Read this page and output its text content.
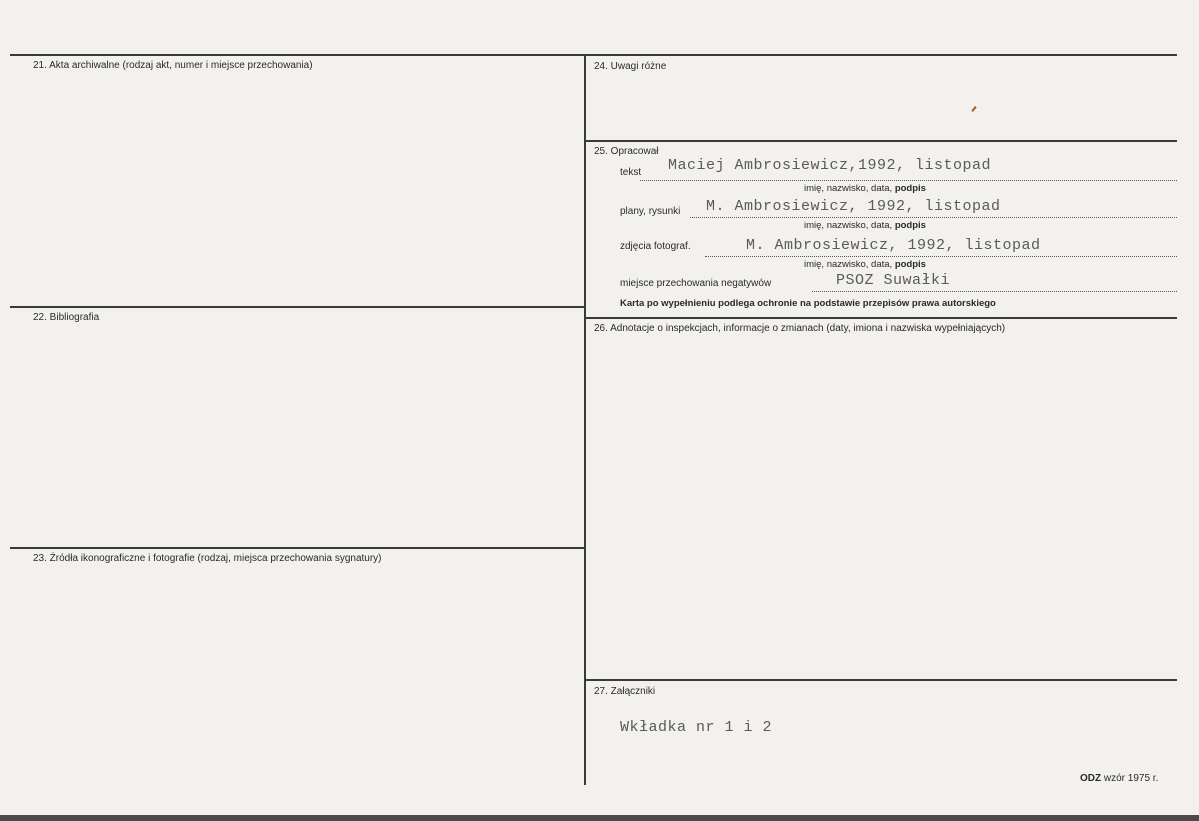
21. Akta archiwalne (rodzaj akt, numer i miejsce przechowania)
22. Bibliografia
23. Źródła ikonograficzne i fotografie (rodzaj, miejsca przechowania sygnatury)
24. Uwagi różne
25. Opracował
26. Adnotacje o inspekcjach, informacje o zmianach (daty, imiona i nazwiska wypełniających)
27. Załączniki
tekst Maciej Ambrosiewicz,1992, listopad
imię, nazwisko, data, podpis
plany, rysunki M. Ambrosiewicz, 1992, listopad
imię, nazwisko, data, podpis
zdjęcia fotograf.	M. Ambrosiewicz, 1992, listopad
imię, nazwisko, data, podpis
miejsce przechowania negatywów	PSOZ Suwałki
Karta po wypełnieniu podlega ochronie na podstawie przepisów prawa autorskiego
Wkładka nr 1 i 2
ODZ wzór 1975 r.
